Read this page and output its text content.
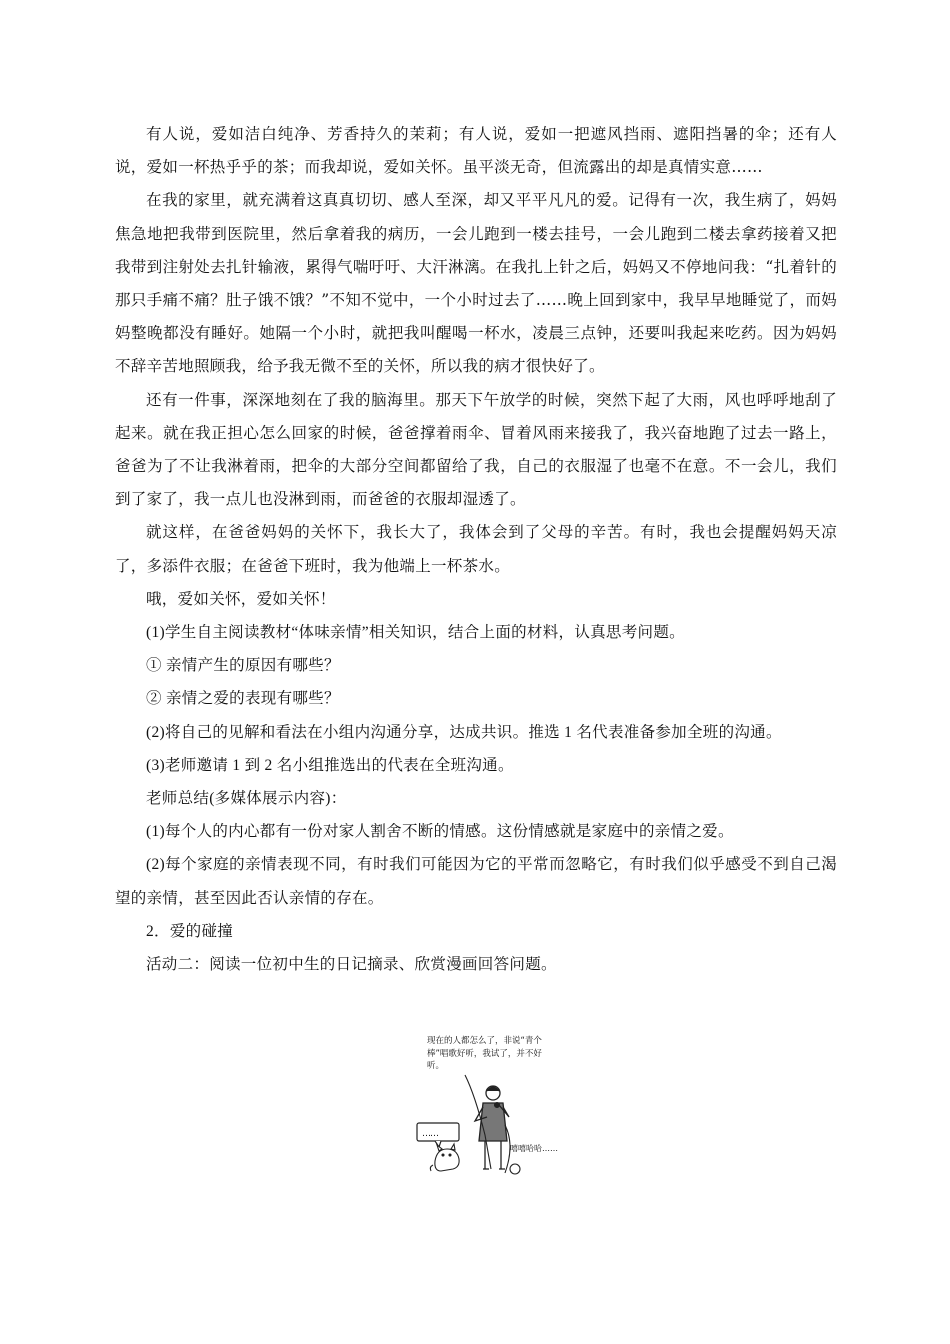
有人说，爱如洁白纯净、芳香持久的茉莉；有人说，爱如一把遮风挡雨、遮阳挡暑的伞；还有人说，爱如一杯热乎乎的茶；而我却说，爱如关怀。虽平淡无奇，但流露出的却是真情实意……

在我的家里，就充满着这真真切切、感人至深，却又平平凡凡的爱。记得有一次，我生病了，妈妈焦急地把我带到医院里，然后拿着我的病历，一会儿跑到一楼去挂号，一会儿跑到二楼去拿药接着又把我带到注射处去扎针输液，累得气喘吁吁、大汗淋漓。在我扎上针之后，妈妈又不停地问我：“扎着针的那只手痛不痛？肚子饿不饿？”不知不觉中，一个小时过去了……晚上回到家中，我早早地睡觉了，而妈妈整晚都没有睡好。她隔一个小时，就把我叫醒喝一杯水，凌晨三点钟，还要叫我起来吃药。因为妈妈不辞辛苦地照顾我，给予我无微不至的关怀，所以我的病才很快好了。

还有一件事，深深地刻在了我的脑海里。那天下午放学的时候，突然下起了大雨，风也呼呼地刮了起来。就在我正担心怎么回家的时候，爸爸撑着雨伞、冒着风雨来接我了，我兴奋地跑了过去一路上，爸爸为了不让我淋着雨，把伞的大部分空间都留给了我，自己的衣服湿了也毫不在意。不一会儿，我们到了家了，我一点儿也没淋到雨，而爸爸的衣服却湿透了。

就这样，在爸爸妈妈的关怀下，我长大了，我体会到了父母的辛苦。有时，我也会提醒妈妈天凉了，多添件衣服；在爸爸下班时，我为他端上一杯茶水。

哦，爱如关怀，爱如关怀！

(1)学生自主阅读教材“体味亲情”相关知识，结合上面的材料，认真思考问题。

① 亲情产生的原因有哪些？

② 亲情之爱的表现有哪些？

(2)将自己的见解和看法在小组内沟通分享，达成共识。推选 1 名代表准备参加全班的沟通。

(3)老师邀请 1 到 2 名小组推选出的代表在全班沟通。

老师总结(多媒体展示内容)：

(1)每个人的内心都有一份对家人割舍不断的情感。这份情感就是家庭中的亲情之爱。

(2)每个家庭的亲情表现不同，有时我们可能因为它的平常而忽略它，有时我们似乎感受不到自己渴望的亲情，甚至因此否认亲情的存在。

2．爱的碰撞

活动二：阅读一位初中生的日记摘录、欣赏漫画回答问题。

现在的人都怎么了，非说“青个棒”唱歌好听，我试了，并不好听。
……
嘻嘻哈哈……
